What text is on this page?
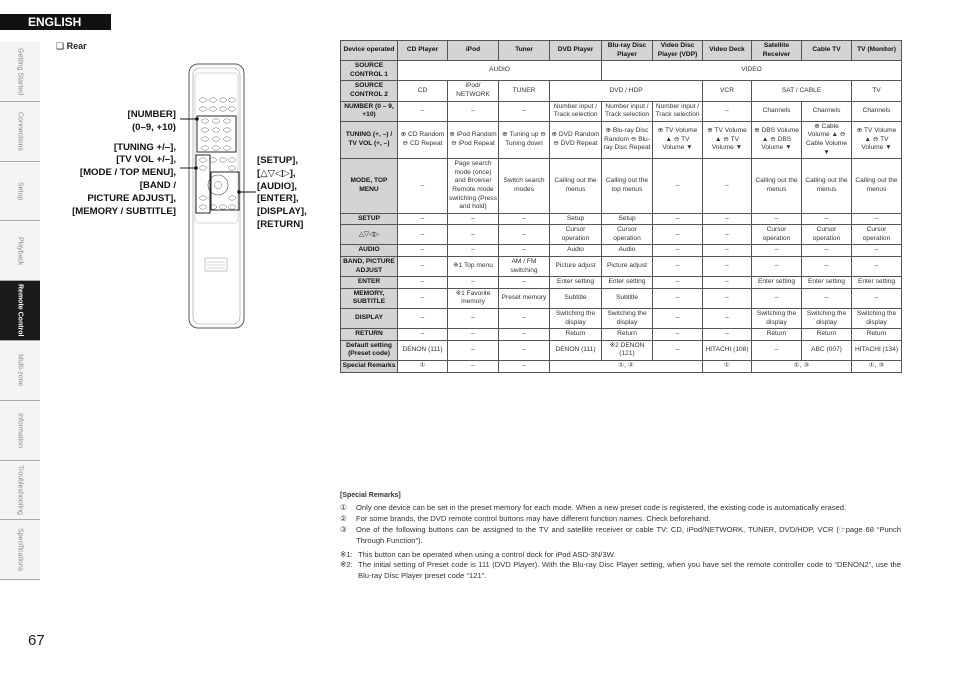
ENGLISH
Getting Started
Connections
Setup
Playback
Remote Control
Multi-zone
Information
Troubleshooting
Specifications
67
❑ Rear
[NUMBER]
(0–9, +10)
[TUNING +/–],
[TV VOL +/–],
[MODE / TOP MENU],
[BAND /
PICTURE ADJUST],
[MEMORY / SUBTITLE]
[SETUP],
[△▽◁▷],
[AUDIO],
[ENTER],
[DISPLAY],
[RETURN]
Device operated	CD Player	iPod	Tuner	DVD Player	Blu-ray Disc Player	Video Disc Player (VDP)	Video Deck	Satellite Receiver	Cable TV	TV (Monitor)
SOURCE CONTROL 1	AUDIO				VIDEO					
SOURCE CONTROL 2	CD	iPod/ NETWORK	TUNER	DVD / HDP			VCR	SAT / CABLE		TV
NUMBER (0 – 9, +10)	–	–	–	Number input / Track selection	Number input / Track selection	Number input / Track selection	–	Channels	Channels	Channels
TUNING (+, –) / TV VOL (+, –)	⊕ CD Random ⊖ CD Repeat	⊕ iPod Random ⊖ iPod Repeat	⊕ Tuning up ⊖ Tuning down	⊕ DVD Random ⊖ DVD Repeat	⊕ Blu-ray Disc Random ⊖ Blu-ray Disc Repeat	⊕ TV Volume ▲ ⊖ TV Volume ▼	⊕ TV Volume ▲ ⊖ TV Volume ▼	⊕ DBS Volume ▲ ⊖ DBS Volume ▼	⊕ Cable Volume ▲ ⊖ Cable Volume ▼	⊕ TV Volume ▲ ⊖ TV Volume ▼
MODE, TOP MENU	–	Page search mode (once) and Browse/ Remote mode switching (Press and hold)	Switch search modes	Calling out the menus	Calling out the top menus	–	–	Calling out the menus	Calling out the menus	Calling out the menus
SETUP	–	–	–	Setup	Setup	–	–	–	–	–
△▽◁▷	–	–	–	Cursor operation	Cursor operation	–	–	Cursor operation	Cursor operation	Cursor operation
AUDIO	–	–	–	Audio	Audio	–	–	–	–	–
BAND, PICTURE ADJUST	–	※1 Top menu	AM / FM switching	Picture adjust	Picture adjust	–	–	–	–	–
ENTER	–	–	–	Enter setting	Enter setting	–	–	Enter setting	Enter setting	Enter setting
MEMORY, SUBTITLE	–	※1 Favorite memory	Preset memory	Subtitle	Subtitle	–	–	–	–	–
DISPLAY	–	–	–	Switching the display	Switching the display	–	–	Switching the display	Switching the display	Switching the display
RETURN	–	–	–	Return	Return	–	–	Return	Return	Return
Default setting (Preset code)	DENON (111)	–	–	DENON (111)	※2 DENON (121)	–	HITACHI (108)	–	ABC (007)	HITACHI (134)
Special Remarks	①	–	–	①, ②			①	①, ③		①, ③
[Special Remarks]
①	Only one device can be set in the preset memory for each mode. When a new preset code is registered, the existing code is automatically erased.
②	For some brands, the DVD remote control buttons may have different function names. Check beforehand.
③	One of the following buttons can be assigned to the TV and satellite receiver or cable TV: CD, iPod/NETWORK, TUNER, DVD/HDP, VCR (☞page 68 “Punch Through Function”).
※1: This button can be operated when using a control dock for iPod ASD-3N/3W.
※2: The initial setting of Preset code is 111 (DVD Player). With the Blu-ray Disc Player setting, when you have set the remote controller code to “DENON2”, use the Blu-ray Disc Player preset code “121”.
